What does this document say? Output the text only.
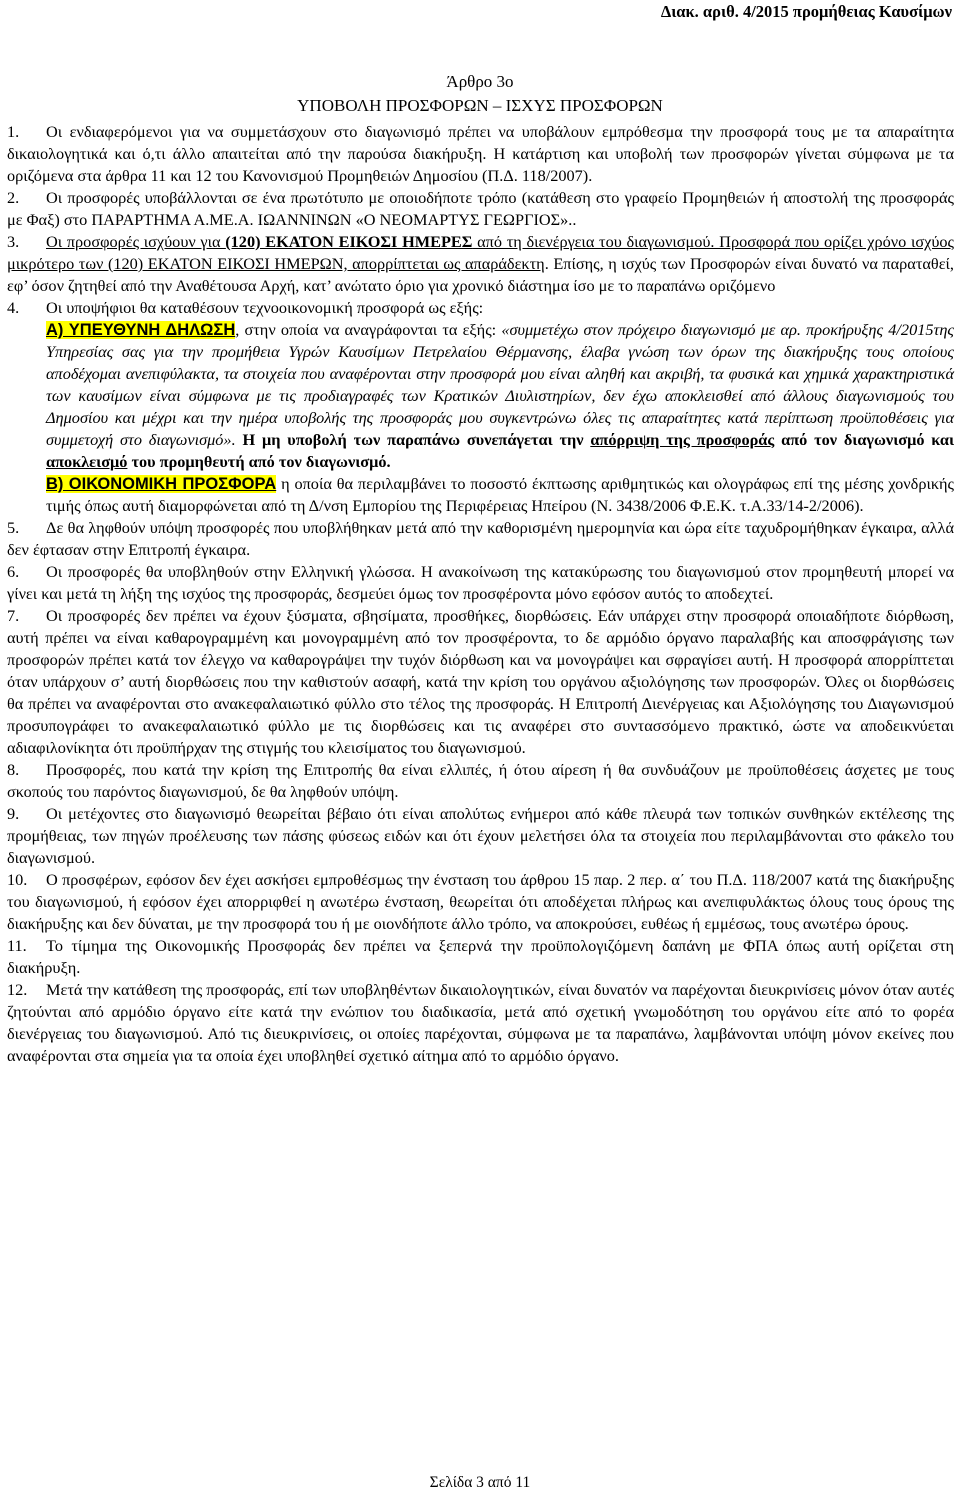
Διακ. αριθ. 4/2015 προμήθειας Καυσίμων
Άρθρο 3ο
ΥΠΟΒΟΛΗ ΠΡΟΣΦΟΡΩΝ – ΙΣΧΥΣ ΠΡΟΣΦΟΡΩΝ

1. Οι ενδιαφερόμενοι για να συμμετάσχουν στο διαγωνισμό πρέπει να υποβάλουν εμπρόθεσμα την προσφορά τους με τα απαραίτητα δικαιολογητικά και ό,τι άλλο απαιτείται από την παρούσα διακήρυξη. Η κατάρτιση και υποβολή των προσφορών γίνεται σύμφωνα με τα οριζόμενα στα άρθρα 11 και 12 του Κανονισμού Προμηθειών Δημοσίου (Π.Δ. 118/2007).

2. Οι προσφορές υποβάλλονται σε ένα πρωτότυπο με οποιοδήποτε τρόπο (κατάθεση στο γραφείο Προμηθειών ή αποστολή της προσφοράς με Φαξ) στο ΠΑΡΑΡΤΗΜΑ Α.ΜΕ.Α. ΙΩΑΝΝΙΝΩΝ «Ο ΝΕΟΜΑΡΤΥΣ ΓΕΩΡΓΙΟΣ»..

3. Οι προσφορές ισχύουν για (120) ΕΚΑΤΟΝ ΕΙΚΟΣΙ ΗΜΕΡΕΣ από τη διενέργεια του διαγωνισμού. Προσφορά που ορίζει χρόνο ισχύος μικρότερο των (120) ΕΚΑΤΟΝ ΕΙΚΟΣΙ ΗΜΕΡΩΝ, απορρίπτεται ως απαράδεκτη. Επίσης, η ισχύς των Προσφορών είναι δυνατό να παραταθεί, εφ’ όσον ζητηθεί από την Αναθέτουσα Αρχή, κατ’ ανώτατο όριο για χρονικό διάστημα ίσο με το παραπάνω οριζόμενο

4. Οι υποψήφιοι θα καταθέσουν τεχνοοικονομική προσφορά ως εξής:

Α) ΥΠΕΥΘΥΝΗ ΔΗΛΩΣΗ, στην οποία να αναγράφονται τα εξής: «συμμετέχω στον πρόχειρο διαγωνισμό με αρ. προκήρυξης 4/2015της Υπηρεσίας σας για την προμήθεια Υγρών Καυσίμων Πετρελαίου Θέρμανσης, έλαβα γνώση των όρων της διακήρυξης τους οποίους αποδέχομαι ανεπιφύλακτα, τα στοιχεία που αναφέρονται στην προσφορά μου είναι αληθή και ακριβή, τα φυσικά και χημικά χαρακτηριστικά των καυσίμων είναι σύμφωνα με τις προδιαγραφές των Κρατικών Διυλιστηρίων, δεν έχω αποκλεισθεί από άλλους διαγωνισμούς του Δημοσίου και μέχρι και την ημέρα υποβολής της προσφοράς μου συγκεντρώνω όλες τις απαραίτητες κατά περίπτωση προϋποθέσεις για συμμετοχή στο διαγωνισμό». Η μη υποβολή των παραπάνω συνεπάγεται την απόρριψη της προσφοράς από τον διαγωνισμό και αποκλεισμό του προμηθευτή από τον διαγωνισμό.

Β) ΟΙΚΟΝΟΜΙΚΗ ΠΡΟΣΦΟΡΑ η οποία θα περιλαμβάνει το ποσοστό έκπτωσης αριθμητικώς και ολογράφως επί της μέσης χονδρικής τιμής όπως αυτή διαμορφώνεται από τη Δ/νση Εμπορίου της Περιφέρειας Ηπείρου (Ν. 3438/2006 Φ.Ε.Κ. τ.Α.33/14-2/2006).

5. Δε θα ληφθούν υπόψη προσφορές που υποβλήθηκαν μετά από την καθορισμένη ημερομηνία και ώρα είτε ταχυδρομήθηκαν έγκαιρα, αλλά δεν έφτασαν στην Επιτροπή έγκαιρα.

6. Οι προσφορές θα υποβληθούν στην Ελληνική γλώσσα. Η ανακοίνωση της κατακύρωσης του διαγωνισμού στον προμηθευτή μπορεί να γίνει και μετά τη λήξη της ισχύος της προσφοράς, δεσμεύει όμως τον προσφέροντα μόνο εφόσον αυτός το αποδεχτεί.

7. Οι προσφορές δεν πρέπει να έχουν ξύσματα, σβησίματα, προσθήκες, διορθώσεις. Εάν υπάρχει στην προσφορά οποιαδήποτε διόρθωση, αυτή πρέπει να είναι καθαρογραμμένη και μονογραμμένη από τον προσφέροντα, το δε αρμόδιο όργανο παραλαβής και αποσφράγισης των προσφορών πρέπει κατά τον έλεγχο να καθαρογράψει την τυχόν διόρθωση και να μονογράψει και σφραγίσει αυτή. Η προσφορά απορρίπτεται όταν υπάρχουν σ’ αυτή διορθώσεις που την καθιστούν ασαφή, κατά την κρίση του οργάνου αξιολόγησης των προσφορών. Όλες οι διορθώσεις θα πρέπει να αναφέρονται στο ανακεφαλαιωτικό φύλλο στο τέλος της προσφοράς. Η Επιτροπή Διενέργειας και Αξιολόγησης του Διαγωνισμού προσυπογράφει το ανακεφαλαιωτικό φύλλο με τις διορθώσεις και τις αναφέρει στο συντασσόμενο πρακτικό, ώστε να αποδεικνύεται αδιαφιλονίκητα ότι προϋπήρχαν της στιγμής του κλεισίματος του διαγωνισμού.

8. Προσφορές, που κατά την κρίση της Επιτροπής θα είναι ελλιπές, ή ότου αίρεση ή θα συνδυάζουν με προϋποθέσεις άσχετες με τους σκοπούς του παρόντος διαγωνισμού, δε θα ληφθούν υπόψη.

9. Οι μετέχοντες στο διαγωνισμό θεωρείται βέβαιο ότι είναι απολύτως ενήμεροι από κάθε πλευρά των τοπικών συνθηκών εκτέλεσης της προμήθειας, των πηγών προέλευσης των πάσης φύσεως ειδών και ότι έχουν μελετήσει όλα τα στοιχεία που περιλαμβάνονται στο φάκελο του διαγωνισμού.

10. Ο προσφέρων, εφόσον δεν έχει ασκήσει εμπροθέσμως την ένσταση του άρθρου 15 παρ. 2 περ. α΄ του Π.Δ. 118/2007 κατά της διακήρυξης του διαγωνισμού, ή εφόσον έχει απορριφθεί η ανωτέρω ένσταση, θεωρείται ότι αποδέχεται πλήρως και ανεπιφυλάκτως όλους τους όρους της διακήρυξης και δεν δύναται, με την προσφορά του ή με οιονδήποτε άλλο τρόπο, να αποκρούσει, ευθέως ή εμμέσως, τους ανωτέρω όρους.

11. Το τίμημα της Οικονομικής Προσφοράς δεν πρέπει να ξεπερνά την προϋπολογιζόμενη δαπάνη με ΦΠΑ όπως αυτή ορίζεται στη διακήρυξη.

12. Μετά την κατάθεση της προσφοράς, επί των υποβληθέντων δικαιολογητικών, είναι δυνατόν να παρέχονται διευκρινίσεις μόνον όταν αυτές ζητούνται από αρμόδιο όργανο είτε κατά την ενώπιον του διαδικασία, μετά από σχετική γνωμοδότηση του οργάνου είτε από το φορέα διενέργειας του διαγωνισμού. Από τις διευκρινίσεις, οι οποίες παρέχονται, σύμφωνα με τα παραπάνω, λαμβάνονται υπόψη μόνον εκείνες που αναφέρονται στα σημεία για τα οποία έχει υποβληθεί σχετικό αίτημα από το αρμόδιο όργανο.

Σελίδα 3 από 11
